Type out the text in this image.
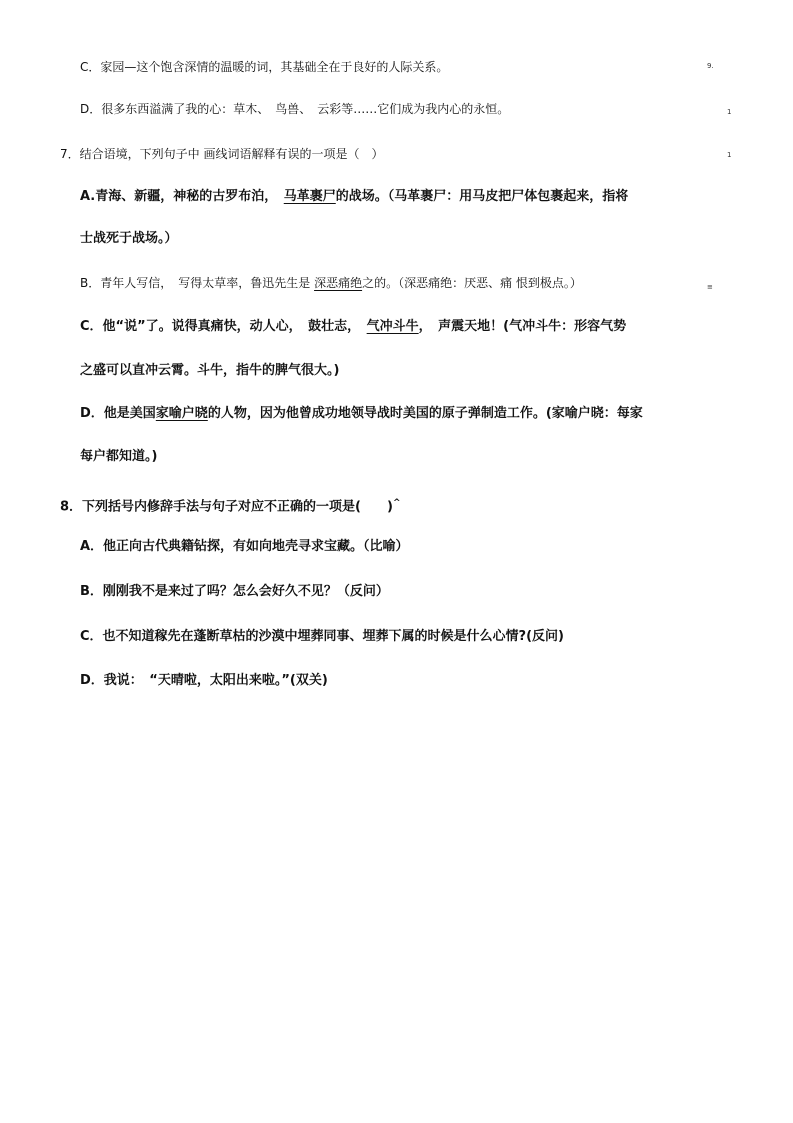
C．家园—这个饱含深情的温暖的词，其基础全在于良好的人际关系。
D．很多东西溢满了我的心：草木、　鸟兽、　云彩等……它们成为我内心的永恒。
7．结合语境，下列句子中 画线词语解释有误的一项是（　）
A.青海、新疆，神秘的古罗布泊，　马革裹尸的战场。（马革裹尸：用马皮把尸体包裹起来，指将
士战死于战场。）
B．青年人写信，　写得太草率，鲁迅先生是 深恶痛绝之的。（深恶痛绝：厌恶、痛 恨到极点。）
C．他“说”了。说得真痛快，动人心，　鼓壮志，　气冲斗牛，　声震天地！(气冲斗牛：形容气势
之盛可以直冲云霄。斗牛，指牛的脾气很大。)
D．他是美国家喻户晓的人物，因为他曾成功地领导战时美国的原子弹制造工作。(家喻户晓：每家
每户都知道。)
8．下列括号内修辞手法与句子对应不正确的一项是(　　)^
A．他正向古代典籍钻探，有如向地壳寻求宝藏。（比喻）
B．刚刚我不是来过了吗？怎么会好久不见？（反问）
C．也不知道稼先在蓬断草枯的沙漠中埋葬同事、埋葬下属的时候是什么心情?(反问)
D．我说：　“天晴啦，太阳出来啦。”(双关)
9.
1
1
≡
